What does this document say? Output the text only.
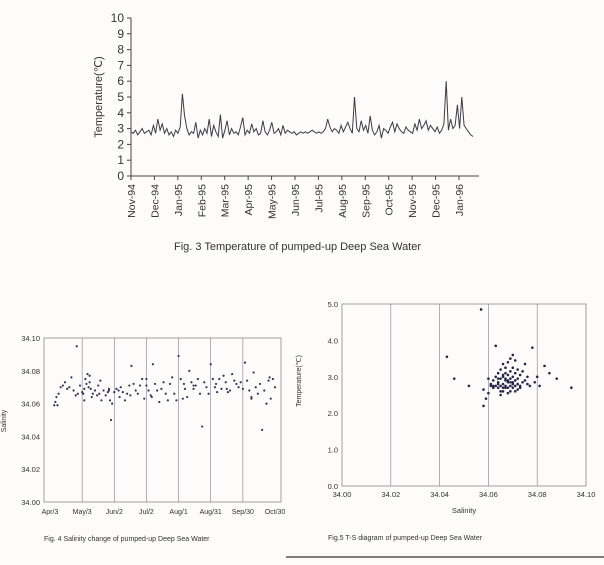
0
1
2
3
4
5
6
7
8
9
10
Nov-94 Dec-94 Jan-95 Feb-95 Mar-95 Apr-95 May-95 Jun-95 Jul-95 Aug-95 Sep-95 Oct-95 Nov-95 Dec-95 Jan-96
Temperature(℃)
Fig. 3 Temperature of pumped-up Deep Sea Water
34.10
34.08
34.06
34.04
34.02
34.00
Apr/3 May/3 Jun/2 Jul/2 Aug/1 Aug/31 Sep/30 Oct/30
Salinity
Fig. 4 Salinity change of pumped-up Deep Sea Water
5.0
4.0
3.0
2.0
1.0
0.0
34.00	34.02	34.04	34.06	34.08	34.10
Temperature(℃)
Salinity
Fig.5 T-S diagram of pumped-up Deep Sea Water
